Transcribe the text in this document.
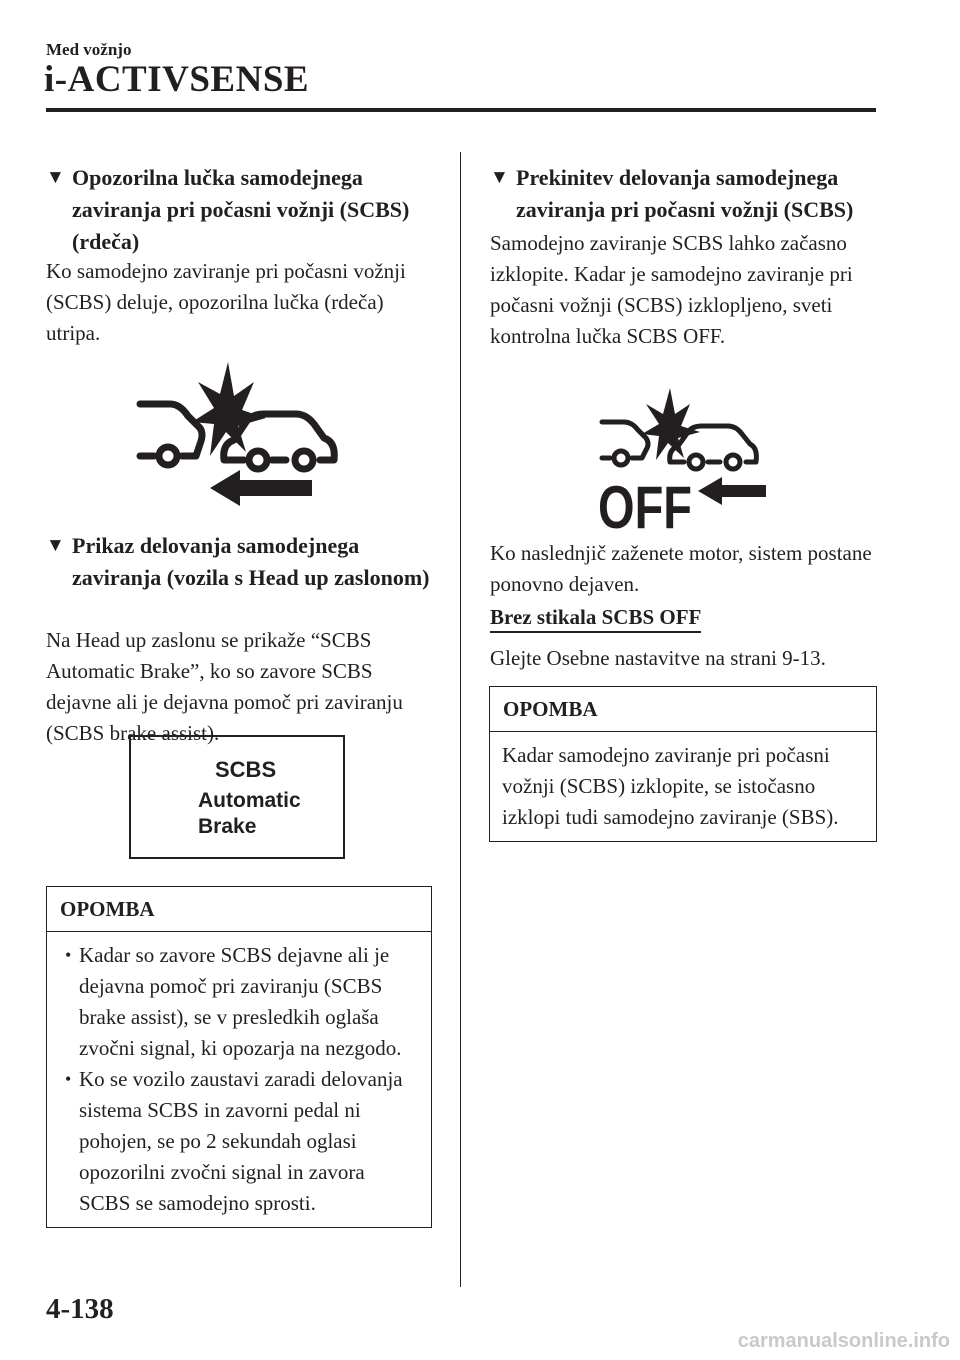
Med vožnjo
i-ACTIVSENSE
▼ Opozorilna lučka samodejnega zaviranja pri počasni vožnji (SCBS) (rdeča)
Ko samodejno zaviranje pri počasni vožnji (SCBS) deluje, opozorilna lučka (rdeča) utripa.
▼ Prikaz delovanja samodejnega zaviranja (vozila s Head up zaslonom)
Na Head up zaslonu se prikaže “SCBS Automatic Brake”, ko so zavore SCBS dejavne ali je dejavna pomoč pri zaviranju (SCBS brake assist).
SCBS
Automatic
Brake
OPOMBA
• Kadar so zavore SCBS dejavne ali je dejavna pomoč pri zaviranju (SCBS brake assist), se v presledkih oglaša zvočni signal, ki opozarja na nezgodo.
• Ko se vozilo zaustavi zaradi delovanja sistema SCBS in zavorni pedal ni pohojen, se po 2 sekundah oglasi opozorilni zvočni signal in zavora SCBS se samodejno sprosti.
▼ Prekinitev delovanja samodejnega zaviranja pri počasni vožnji (SCBS)
Samodejno zaviranje SCBS lahko začasno izklopite. Kadar je samodejno zaviranje pri počasni vožnji (SCBS) izklopljeno, sveti kontrolna lučka SCBS OFF.
OFF
Ko naslednjič zaženete motor, sistem postane ponovno dejaven.
Brez stikala SCBS OFF
Glejte Osebne nastavitve na strani 9-13.
OPOMBA
Kadar samodejno zaviranje pri počasni vožnji (SCBS) izklopite, se istočasno izklopi tudi samodejno zaviranje (SBS).
4-138
carmanualsonline.info
